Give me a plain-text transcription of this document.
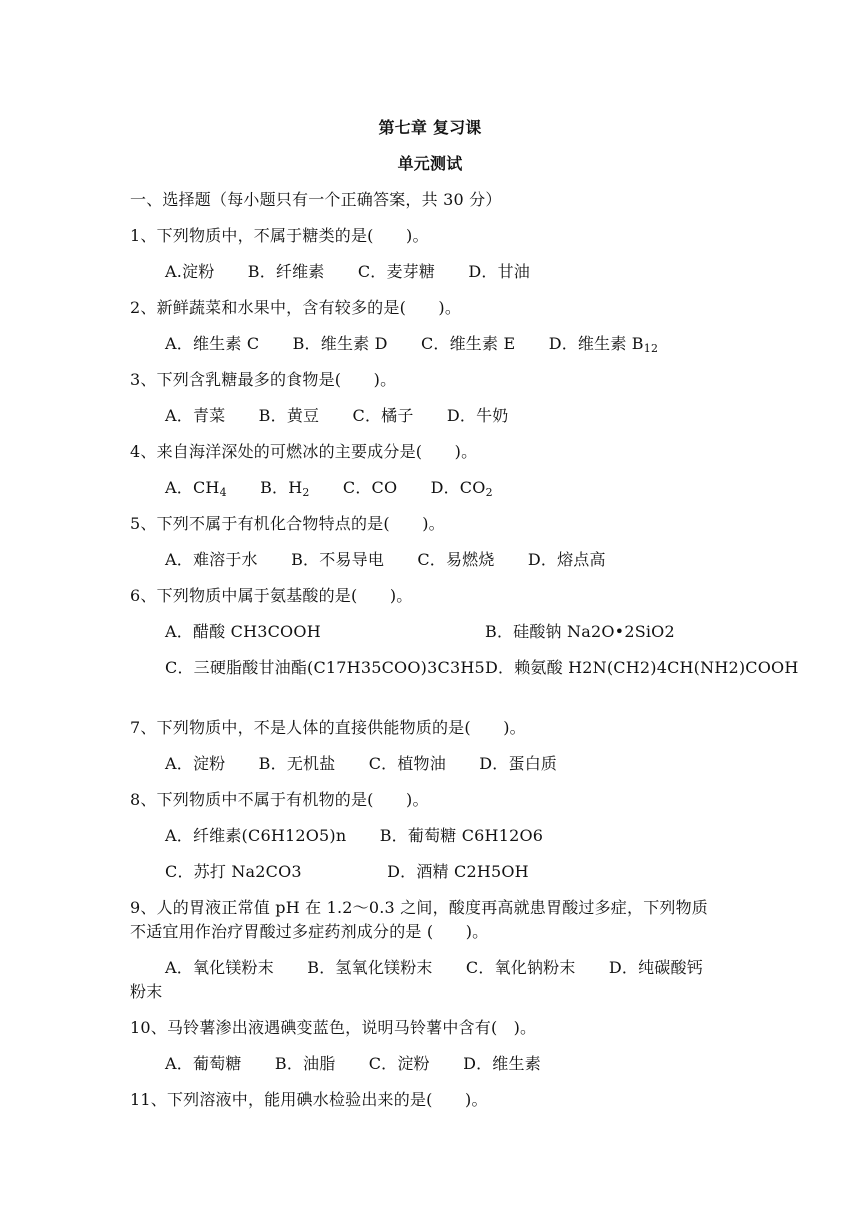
第七章 复习课
单元测试
一、选择题（每小题只有一个正确答案，共 30 分）
1、下列物质中，不属于糖类的是(　　)。
A.淀粉 B．纤维素 C．麦芽糖 D．甘油
2、新鲜蔬菜和水果中，含有较多的是(　　)。
A．维生素 C B．维生素 D C．维生素 E D．维生素 $B_{12}$
3、下列含乳糖最多的食物是(　　)。
A．青菜 B．黄豆 C．橘子 D．牛奶
4、来自海洋深处的可燃冰的主要成分是(　　)。
A．$CH_4$ B．$H_2$ C．CO D．$CO_2$
5、下列不属于有机化合物特点的是(　　)。
A．难溶于水 B．不易导电 C．易燃烧 D．熔点高
6、下列物质中属于氨基酸的是(　　)。
A．醋酸 CH3COOH	B．硅酸钠 Na2O•2SiO2
C．三硬脂酸甘油酯(C17H35COO)3C3H5 D．赖氨酸 H2N(CH2)4CH(NH2)COOH
7、下列物质中，不是人体的直接供能物质的是(　　)。
A．淀粉 B．无机盐 C．植物油 D．蛋白质
8、下列物质中不属于有机物的是(　　)。
A．纤维素(C6H12O5)n B．葡萄糖 C6H12O6
C．苏打 Na2CO3	D．酒精 C2H5OH
9、人的胃液正常值 pH 在 1.2～0.3 之间，酸度再高就患胃酸过多症，下列物质
不适宜用作治疗胃酸过多症药剂成分的是 (　　)。
A．氧化镁粉末 B．氢氧化镁粉末 C．氧化钠粉末 D．纯碳酸钙
粉末
10、马铃薯渗出液遇碘变蓝色，说明马铃薯中含有(　)。
A．葡萄糖 B．油脂 C．淀粉 D．维生素
11、下列溶液中，能用碘水检验出来的是(　　)。
